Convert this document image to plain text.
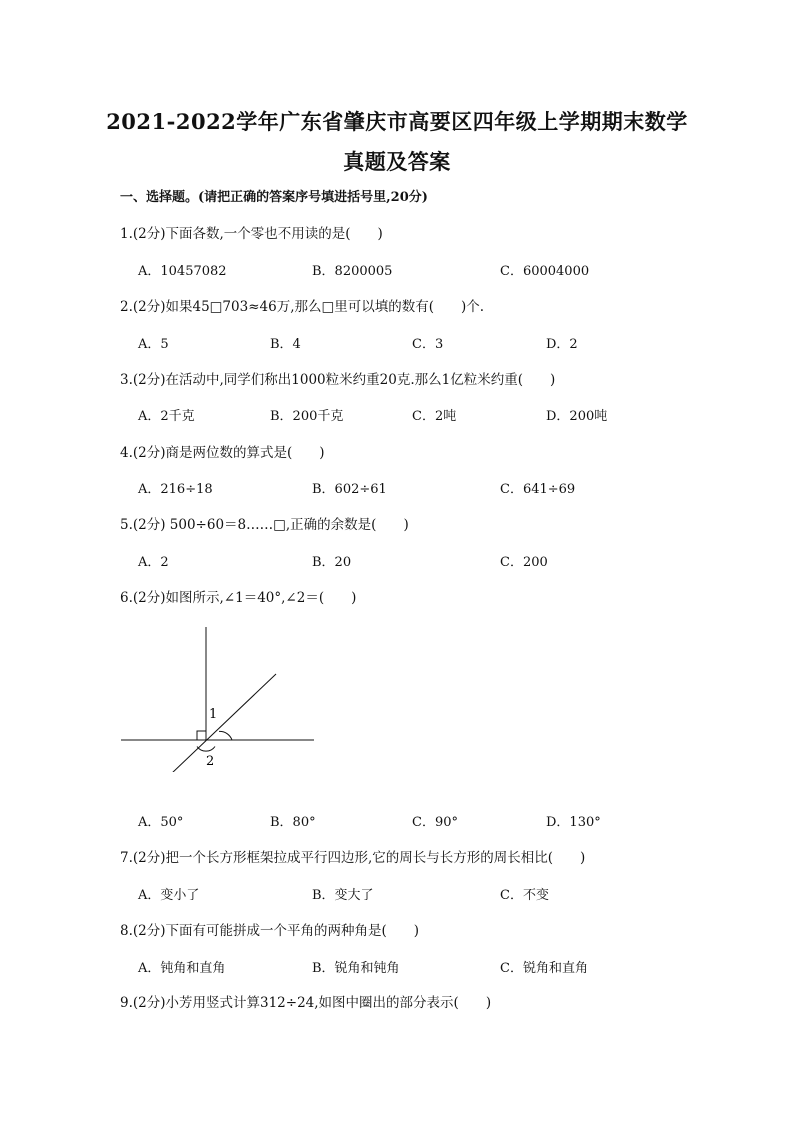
2021-2022学年广东省肇庆市高要区四年级上学期期末数学
真题及答案
一、选择题。(请把正确的答案序号填进括号里,20分)
1.(2分)下面各数,一个零也不用读的是(　　)
A．10457082	B．8200005	C．60004000
2.(2分)如果45□703≈46万,那么□里可以填的数有(　　)个.
A．5	B．4	C．3	D．2
3.(2分)在活动中,同学们称出1000粒米约重20克.那么1亿粒米约重(　　)
A．2千克	B．200千克	C．2吨	D．200吨
4.(2分)商是两位数的算式是(　　)
A．216÷18	B．602÷61	C．641÷69
5.(2分) 500÷60＝8……□,正确的余数是(　　)
A．2	B．20	C．200
6.(2分)如图所示,∠1＝40°,∠2＝(　　)
1
2
A．50°	B．80°	C．90°	D．130°
7.(2分)把一个长方形框架拉成平行四边形,它的周长与长方形的周长相比(　　)
A．变小了	B．变大了	C．不变
8.(2分)下面有可能拼成一个平角的两种角是(　　)
A．钝角和直角	B．锐角和钝角	C．锐角和直角
9.(2分)小芳用竖式计算312÷24,如图中圈出的部分表示(　　)
